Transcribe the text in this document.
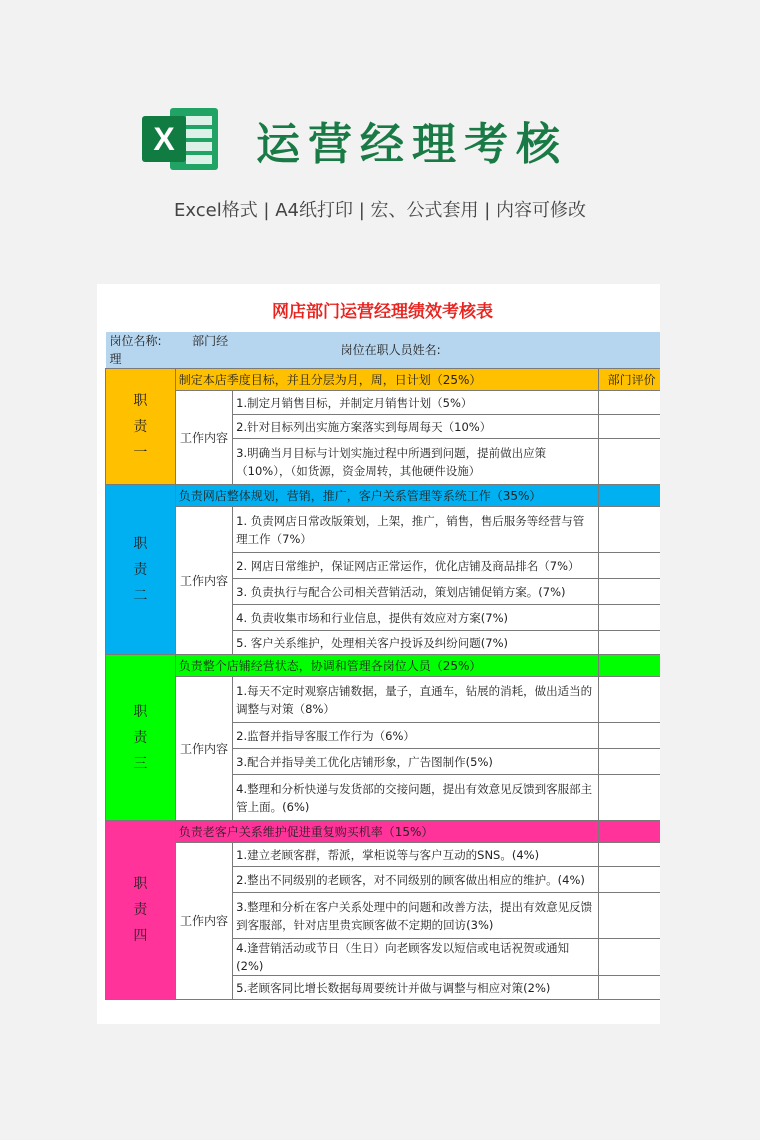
X 运营经理考核
Excel格式 | A4纸打印 | 宏、公式套用 | 内容可修改
网店部门运营经理绩效考核表
岗位名称: 部门经理		岗位在职人员姓名:	
职
责
一	制定本店季度目标，并且分层为月，周，日计划（25%）		部门评价
	工作内容	1.制定月销售目标，并制定月销售计划（5%）	
		2.针对目标列出实施方案落实到每周每天（10%）	
		3.明确当月目标与计划实施过程中所遇到问题，提前做出应策（10%），（如货源，资金周转，其他硬件设施）	
职
责
二	负责网店整体规划，营销，推广，客户关系管理等系统工作（35%）		
	工作内容	1. 负责网店日常改版策划，上架，推广，销售，售后服务等经营与管理工作（7%）	
		2. 网店日常维护，保证网店正常运作，优化店铺及商品排名（7%）	
		3. 负责执行与配合公司相关营销活动，策划店铺促销方案。(7%)	
		4. 负责收集市场和行业信息，提供有效应对方案(7%)	
		5. 客户关系维护，处理相关客户投诉及纠纷问题(7%)	
职
责
三	负责整个店铺经营状态，协调和管理各岗位人员（25%）		
	工作内容	1.每天不定时观察店铺数据，量子，直通车，钻展的消耗，做出适当的调整与对策（8%）	
		2.监督并指导客服工作行为（6%）	
		3.配合并指导美工优化店铺形象，广告图制作(5%)	
		4.整理和分析快递与发货部的交接问题，提出有效意见反馈到客服部主管上面。(6%)	
职
责
四	负责老客户关系维护促进重复购买机率（15%）		
	工作内容	1.建立老顾客群，帮派，掌柜说等与客户互动的SNS。(4%)	
		2.整出不同级别的老顾客，对不同级别的顾客做出相应的维护。(4%)	
		3.整理和分析在客户关系处理中的问题和改善方法，提出有效意见反馈到客服部，针对店里贵宾顾客做不定期的回访(3%)	
		4.逢营销活动或节日（生日）向老顾客发以短信或电话祝贺或通知(2%)	
		5.老顾客同比增长数据每周要统计并做与调整与相应对策(2%)	
